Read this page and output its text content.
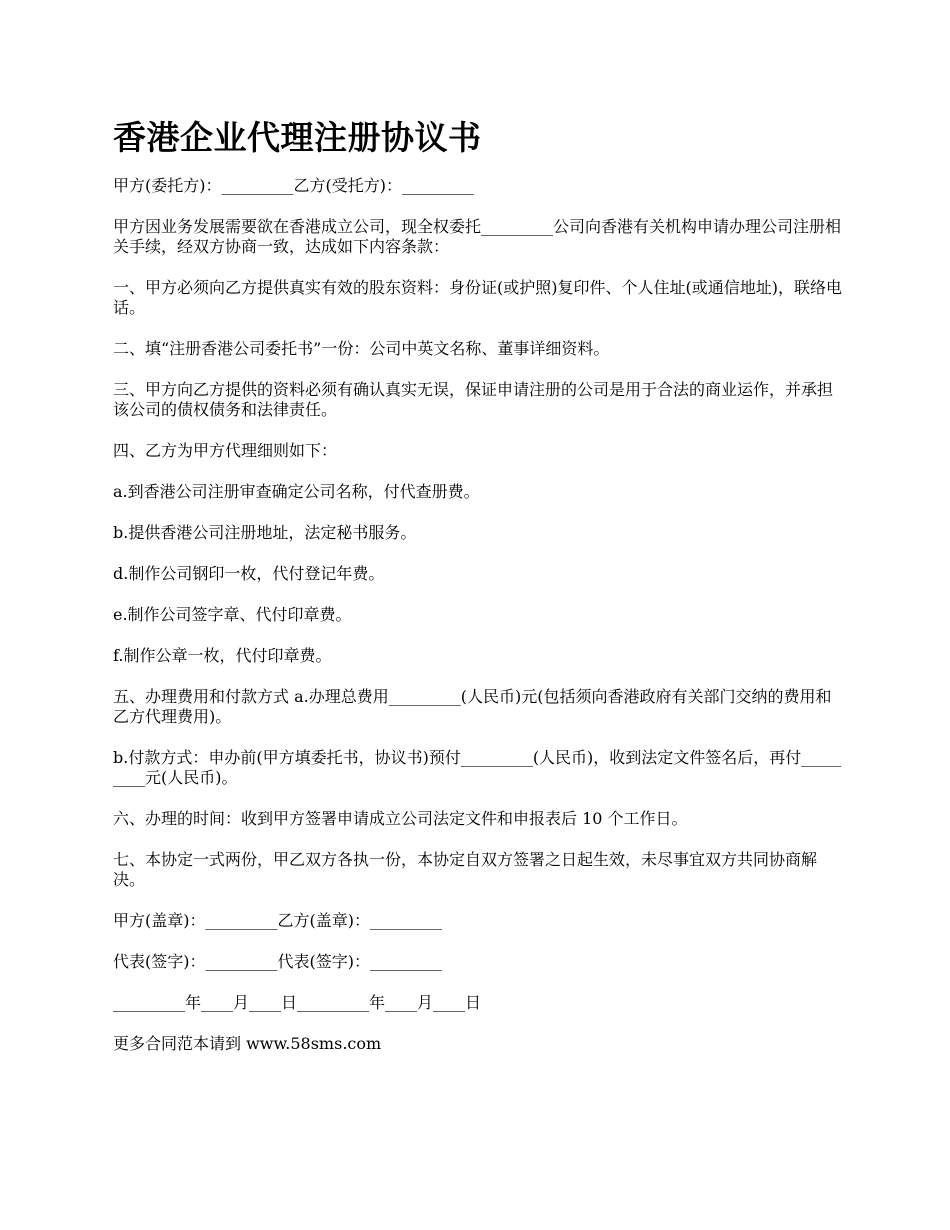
香港企业代理注册协议书

甲方(委托方)：_________乙方(受托方)：_________

甲方因业务发展需要欲在香港成立公司，现全权委托_________公司向香港有关机构申请办理公司注册相关手续，经双方协商一致，达成如下内容条款：

一、甲方必须向乙方提供真实有效的股东资料：身份证(或护照)复印件、个人住址(或通信地址)，联络电话。

二、填“注册香港公司委托书”一份：公司中英文名称、董事详细资料。

三、甲方向乙方提供的资料必须有确认真实无误，保证申请注册的公司是用于合法的商业运作，并承担该公司的债权债务和法律责任。

四、乙方为甲方代理细则如下：

a.到香港公司注册审查确定公司名称，付代查册费。

b.提供香港公司注册地址，法定秘书服务。

d.制作公司钢印一枚，代付登记年费。

e.制作公司签字章、代付印章费。

f.制作公章一枚，代付印章费。

五、办理费用和付款方式 a.办理总费用_________(人民币)元(包括须向香港政府有关部门交纳的费用和乙方代理费用)。

b.付款方式：申办前(甲方填委托书，协议书)预付_________(人民币)，收到法定文件签名后，再付_________元(人民币)。

六、办理的时间：收到甲方签署申请成立公司法定文件和申报表后 10 个工作日。

七、本协定一式两份，甲乙双方各执一份，本协定自双方签署之日起生效，未尽事宜双方共同协商解决。

甲方(盖章)：_________乙方(盖章)：_________

代表(签字)：_________代表(签字)：_________

_________年____月____日_________年____月____日

更多合同范本请到 www.58sms.com
